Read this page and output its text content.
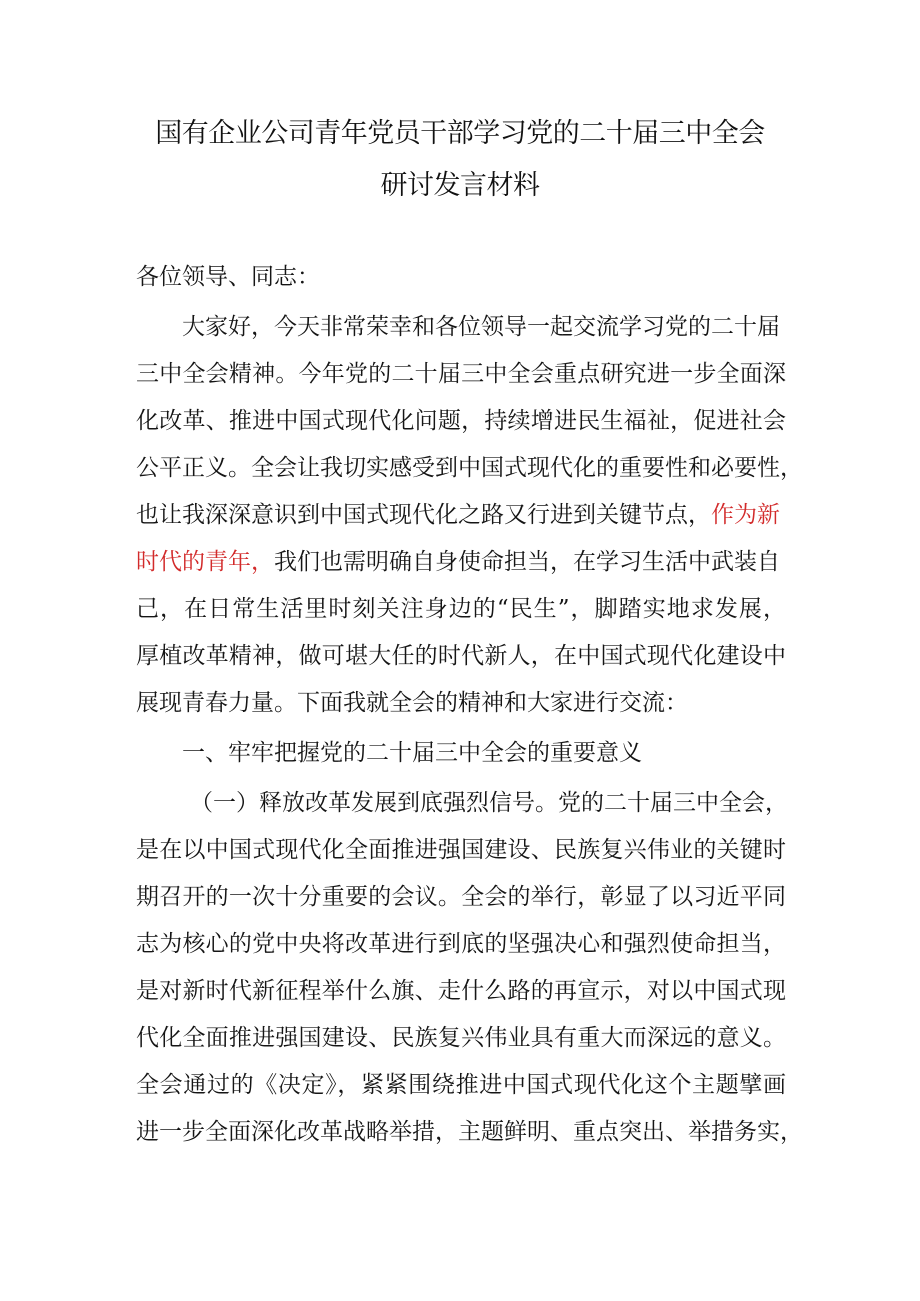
国有企业公司青年党员干部学习党的二十届三中全会
研讨发言材料
各位领导、同志：
大家好，今天非常荣幸和各位领导一起交流学习党的二十届
三中全会精神。今年党的二十届三中全会重点研究进一步全面深
化改革、推进中国式现代化问题，持续增进民生福祉，促进社会
公平正义。全会让我切实感受到中国式现代化的重要性和必要性，
也让我深深意识到中国式现代化之路又行进到关键节点，作为新
时代的青年，我们也需明确自身使命担当，在学习生活中武装自
己，在日常生活里时刻关注身边的“民生”，脚踏实地求发展，
厚植改革精神，做可堪大任的时代新人，在中国式现代化建设中
展现青春力量。下面我就全会的精神和大家进行交流：
一、牢牢把握党的二十届三中全会的重要意义
（一）释放改革发展到底强烈信号。党的二十届三中全会，
是在以中国式现代化全面推进强国建设、民族复兴伟业的关键时
期召开的一次十分重要的会议。全会的举行，彰显了以习近平同
志为核心的党中央将改革进行到底的坚强决心和强烈使命担当，
是对新时代新征程举什么旗、走什么路的再宣示，对以中国式现
代化全面推进强国建设、民族复兴伟业具有重大而深远的意义。
全会通过的《决定》，紧紧围绕推进中国式现代化这个主题擘画
进一步全面深化改革战略举措，主题鲜明、重点突出、举措务实，
